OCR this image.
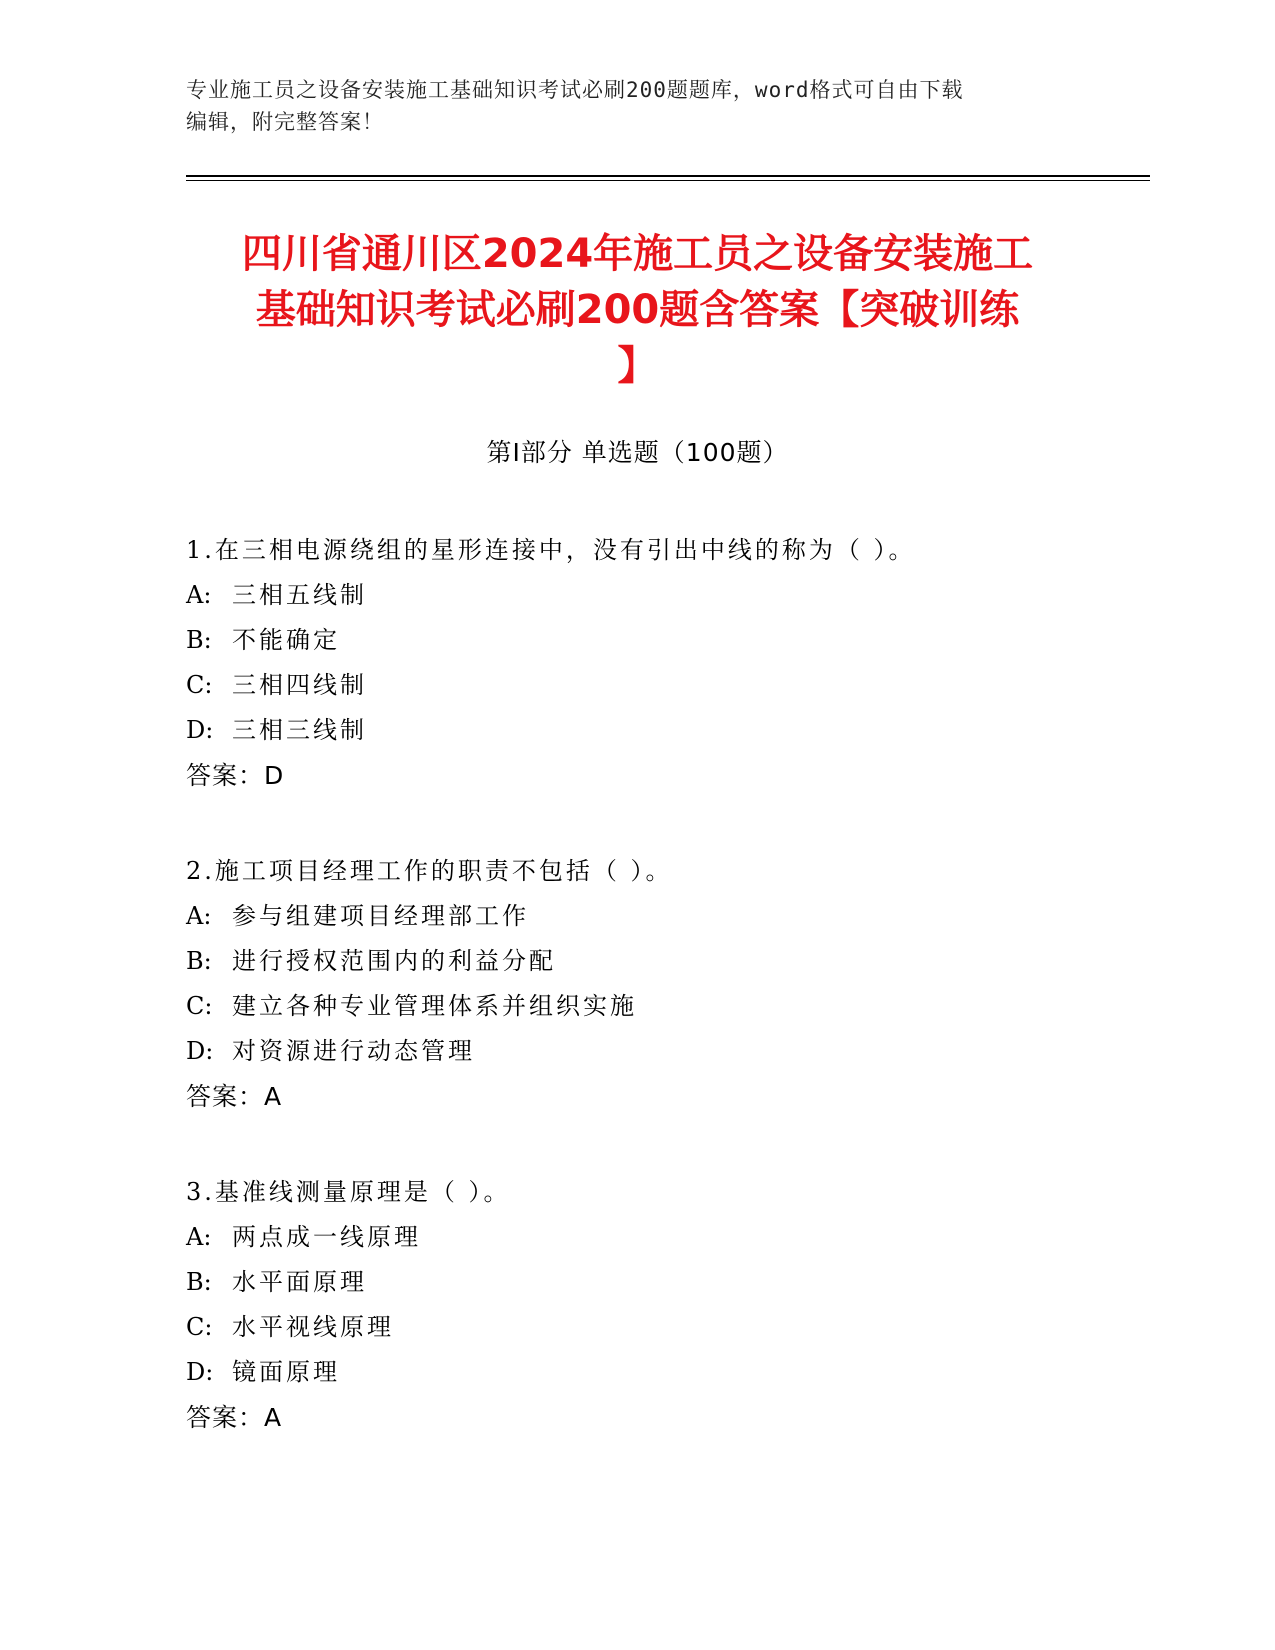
专业施工员之设备安装施工基础知识考试必刷200题题库，word格式可自由下载
编辑，附完整答案！
四川省通川区2024年施工员之设备安装施工
基础知识考试必刷200题含答案【突破训练
】
第I部分 单选题（100题）
1.在三相电源绕组的星形连接中，没有引出中线的称为（ ）。
A: 三相五线制
B: 不能确定
C: 三相四线制
D: 三相三线制
答案：D
2.施工项目经理工作的职责不包括（ ）。
A: 参与组建项目经理部工作
B: 进行授权范围内的利益分配
C: 建立各种专业管理体系并组织实施
D: 对资源进行动态管理
答案：A
3.基准线测量原理是（ ）。
A: 两点成一线原理
B: 水平面原理
C: 水平视线原理
D: 镜面原理
答案：A
